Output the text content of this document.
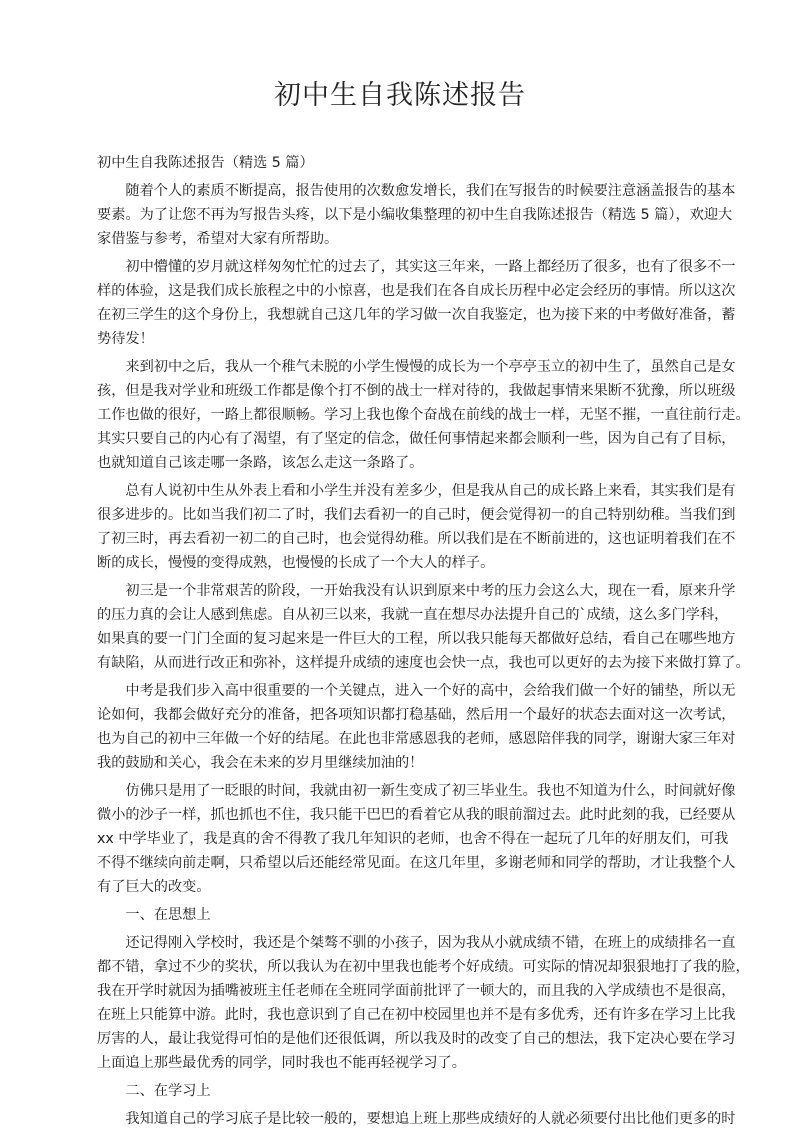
初中生自我陈述报告
初中生自我陈述报告（精选 5 篇）
　　随着个人的素质不断提高，报告使用的次数愈发增长，我们在写报告的时候要注意涵盖报告的基本
要素。为了让您不再为写报告头疼，以下是小编收集整理的初中生自我陈述报告（精选 5 篇），欢迎大
家借鉴与参考，希望对大家有所帮助。
　　初中懵懂的岁月就这样匆匆忙忙的过去了，其实这三年来，一路上都经历了很多，也有了很多不一
样的体验，这是我们成长旅程之中的小惊喜，也是我们在各自成长历程中必定会经历的事情。所以这次
在初三学生的这个身份上，我想就自己这几年的学习做一次自我鉴定，也为接下来的中考做好准备，蓄
势待发！
　　来到初中之后，我从一个稚气未脱的小学生慢慢的成长为一个亭亭玉立的初中生了，虽然自己是女
孩，但是我对学业和班级工作都是像个打不倒的战士一样对待的，我做起事情来果断不犹豫，所以班级
工作也做的很好，一路上都很顺畅。学习上我也像个奋战在前线的战士一样，无坚不摧，一直往前行走。
其实只要自己的内心有了渴望，有了坚定的信念，做任何事情起来都会顺利一些，因为自己有了目标，
也就知道自己该走哪一条路，该怎么走这一条路了。
　　总有人说初中生从外表上看和小学生并没有差多少，但是我从自己的成长路上来看，其实我们是有
很多进步的。比如当我们初二了时，我们去看初一的自己时，便会觉得初一的自己特别幼稚。当我们到
了初三时，再去看初一初二的自己时，也会觉得幼稚。所以我们是在不断前进的，这也证明着我们在不
断的成长，慢慢的变得成熟，也慢慢的长成了一个大人的样子。
　　初三是一个非常艰苦的阶段，一开始我没有认识到原来中考的压力会这么大，现在一看，原来升学
的压力真的会让人感到焦虑。自从初三以来，我就一直在想尽办法提升自己的`成绩，这么多门学科，
如果真的要一门门全面的复习起来是一件巨大的工程，所以我只能每天都做好总结，看自己在哪些地方
有缺陷，从而进行改正和弥补，这样提升成绩的速度也会快一点，我也可以更好的去为接下来做打算了。
　　中考是我们步入高中很重要的一个关键点，进入一个好的高中，会给我们做一个好的铺垫，所以无
论如何，我都会做好充分的准备，把各项知识都打稳基础，然后用一个最好的状态去面对这一次考试，
也为自己的初中三年做一个好的结尾。在此也非常感恩我的老师，感恩陪伴我的同学，谢谢大家三年对
我的鼓励和关心，我会在未来的岁月里继续加油的！
　　仿佛只是用了一眨眼的时间，我就由初一新生变成了初三毕业生。我也不知道为什么，时间就好像
微小的沙子一样，抓也抓也不住，我只能干巴巴的看着它从我的眼前溜过去。此时此刻的我，已经要从
xx 中学毕业了，我是真的舍不得教了我几年知识的老师，也舍不得在一起玩了几年的好朋友们，可我
不得不继续向前走啊，只希望以后还能经常见面。在这几年里，多谢老师和同学的帮助，才让我整个人
有了巨大的改变。
　　一、在思想上
　　还记得刚入学校时，我还是个桀骜不驯的小孩子，因为我从小就成绩不错，在班上的成绩排名一直
都不错，拿过不少的奖状，所以我认为在初中里我也能考个好成绩。可实际的情况却狠狠地打了我的脸，
我在开学时就因为插嘴被班主任老师在全班同学面前批评了一顿大的，而且我的入学成绩也不是很高，
在班上只能算中游。此时，我也意识到了自己在初中校园里也并不是有多优秀，还有许多在学习上比我
厉害的人，最让我觉得可怕的是他们还很低调，所以我及时的改变了自己的想法，我下定决心要在学习
上面追上那些最优秀的同学，同时我也不能再轻视学习了。
　　二、在学习上
　　我知道自己的学习底子是比较一般的，要想追上班上那些成绩好的人就必须要付出比他们更多的时
